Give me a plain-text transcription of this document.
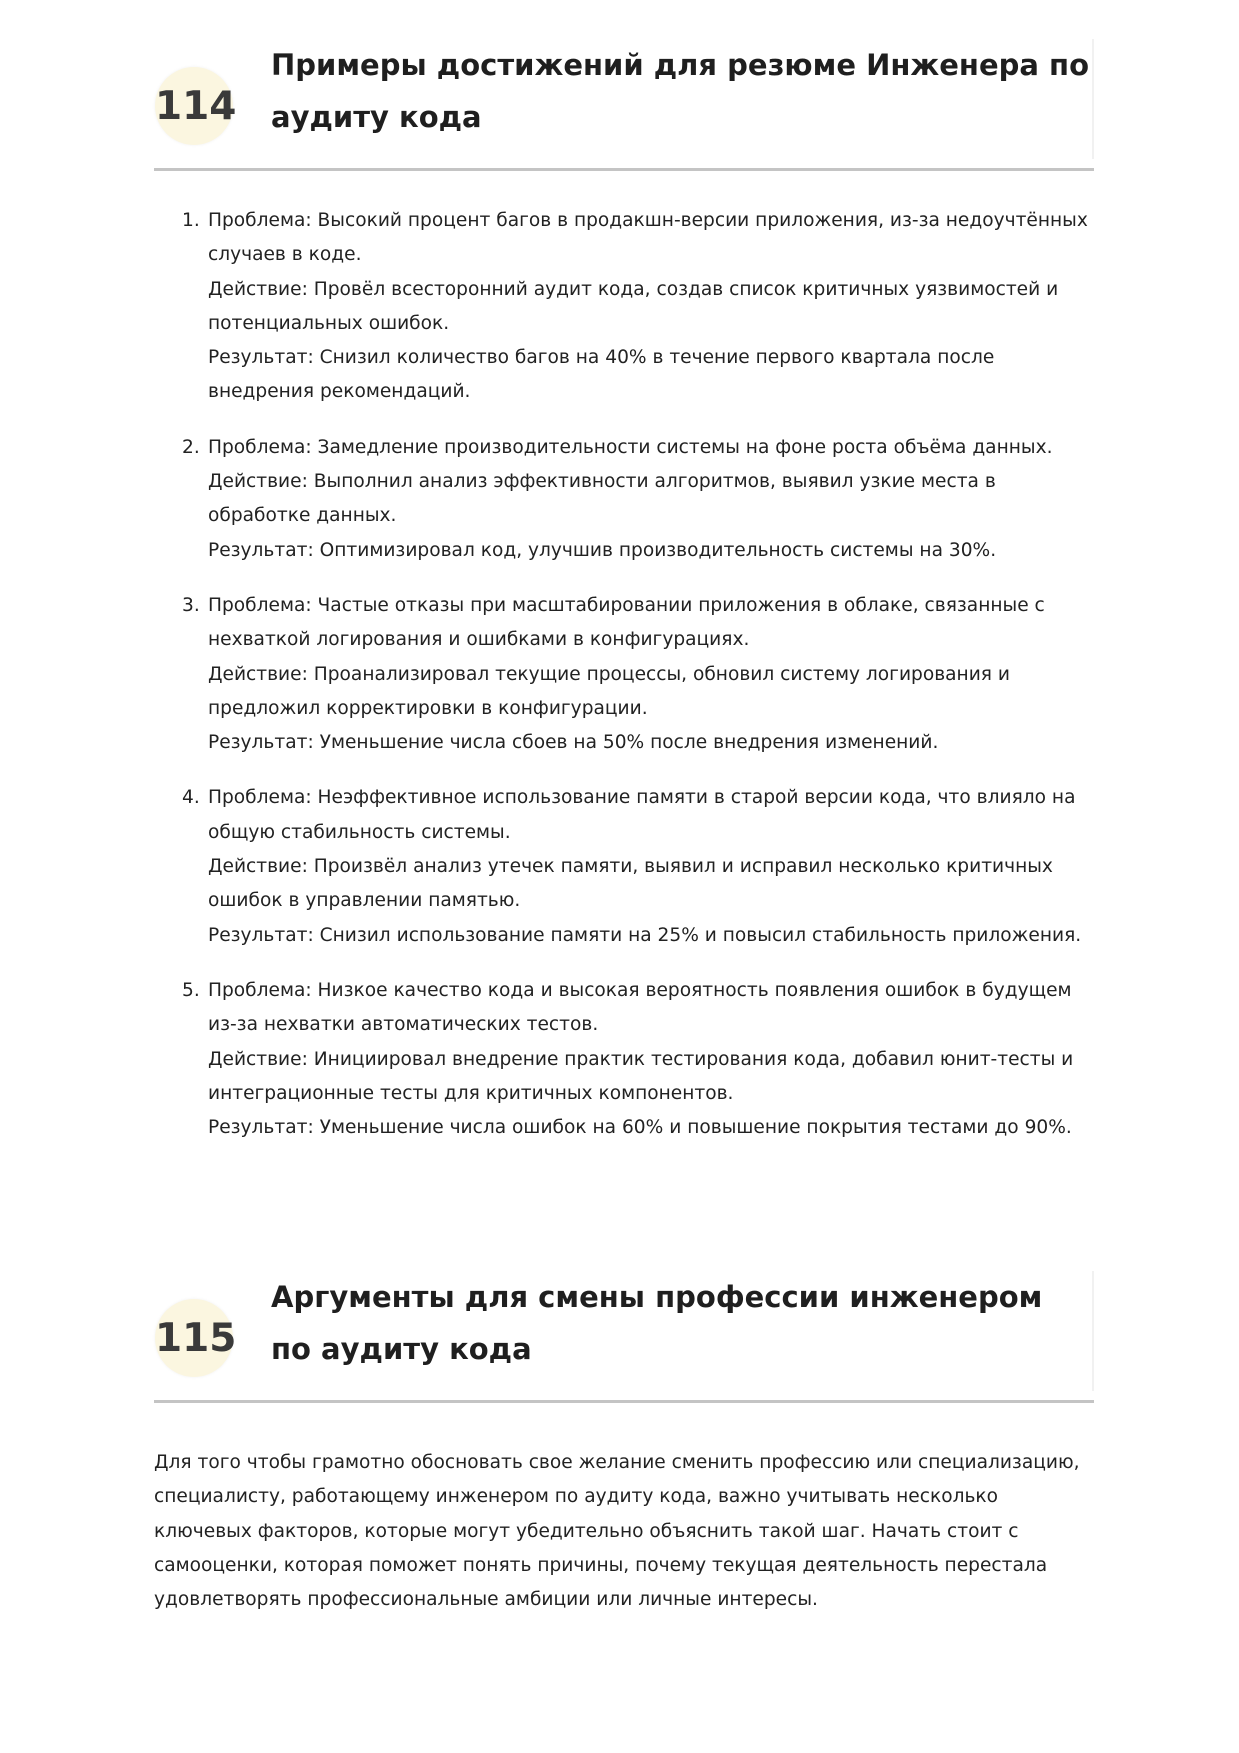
114
Примеры достижений для резюме Инженера по аудиту кода
1. Проблема: Высокий процент багов в продакшн-версии приложения, из-за недоучтённых случаев в коде.
Действие: Провёл всесторонний аудит кода, создав список критичных уязвимостей и потенциальных ошибок.
Результат: Снизил количество багов на 40% в течение первого квартала после внедрения рекомендаций.
2. Проблема: Замедление производительности системы на фоне роста объёма данных.
Действие: Выполнил анализ эффективности алгоритмов, выявил узкие места в обработке данных.
Результат: Оптимизировал код, улучшив производительность системы на 30%.
3. Проблема: Частые отказы при масштабировании приложения в облаке, связанные с нехваткой логирования и ошибками в конфигурациях.
Действие: Проанализировал текущие процессы, обновил систему логирования и предложил корректировки в конфигурации.
Результат: Уменьшение числа сбоев на 50% после внедрения изменений.
4. Проблема: Неэффективное использование памяти в старой версии кода, что влияло на общую стабильность системы.
Действие: Произвёл анализ утечек памяти, выявил и исправил несколько критичных ошибок в управлении памятью.
Результат: Снизил использование памяти на 25% и повысил стабильность приложения.
5. Проблема: Низкое качество кода и высокая вероятность появления ошибок в будущем из-за нехватки автоматических тестов.
Действие: Инициировал внедрение практик тестирования кода, добавил юнит-тесты и интеграционные тесты для критичных компонентов.
Результат: Уменьшение числа ошибок на 60% и повышение покрытия тестами до 90%.
115
Аргументы для смены профессии инженером по аудиту кода

Для того чтобы грамотно обосновать свое желание сменить профессию или специализацию, специалисту, работающему инженером по аудиту кода, важно учитывать несколько ключевых факторов, которые могут убедительно объяснить такой шаг. Начать стоит с самооценки, которая поможет понять причины, почему текущая деятельность перестала удовлетворять профессиональные амбиции или личные интересы.
